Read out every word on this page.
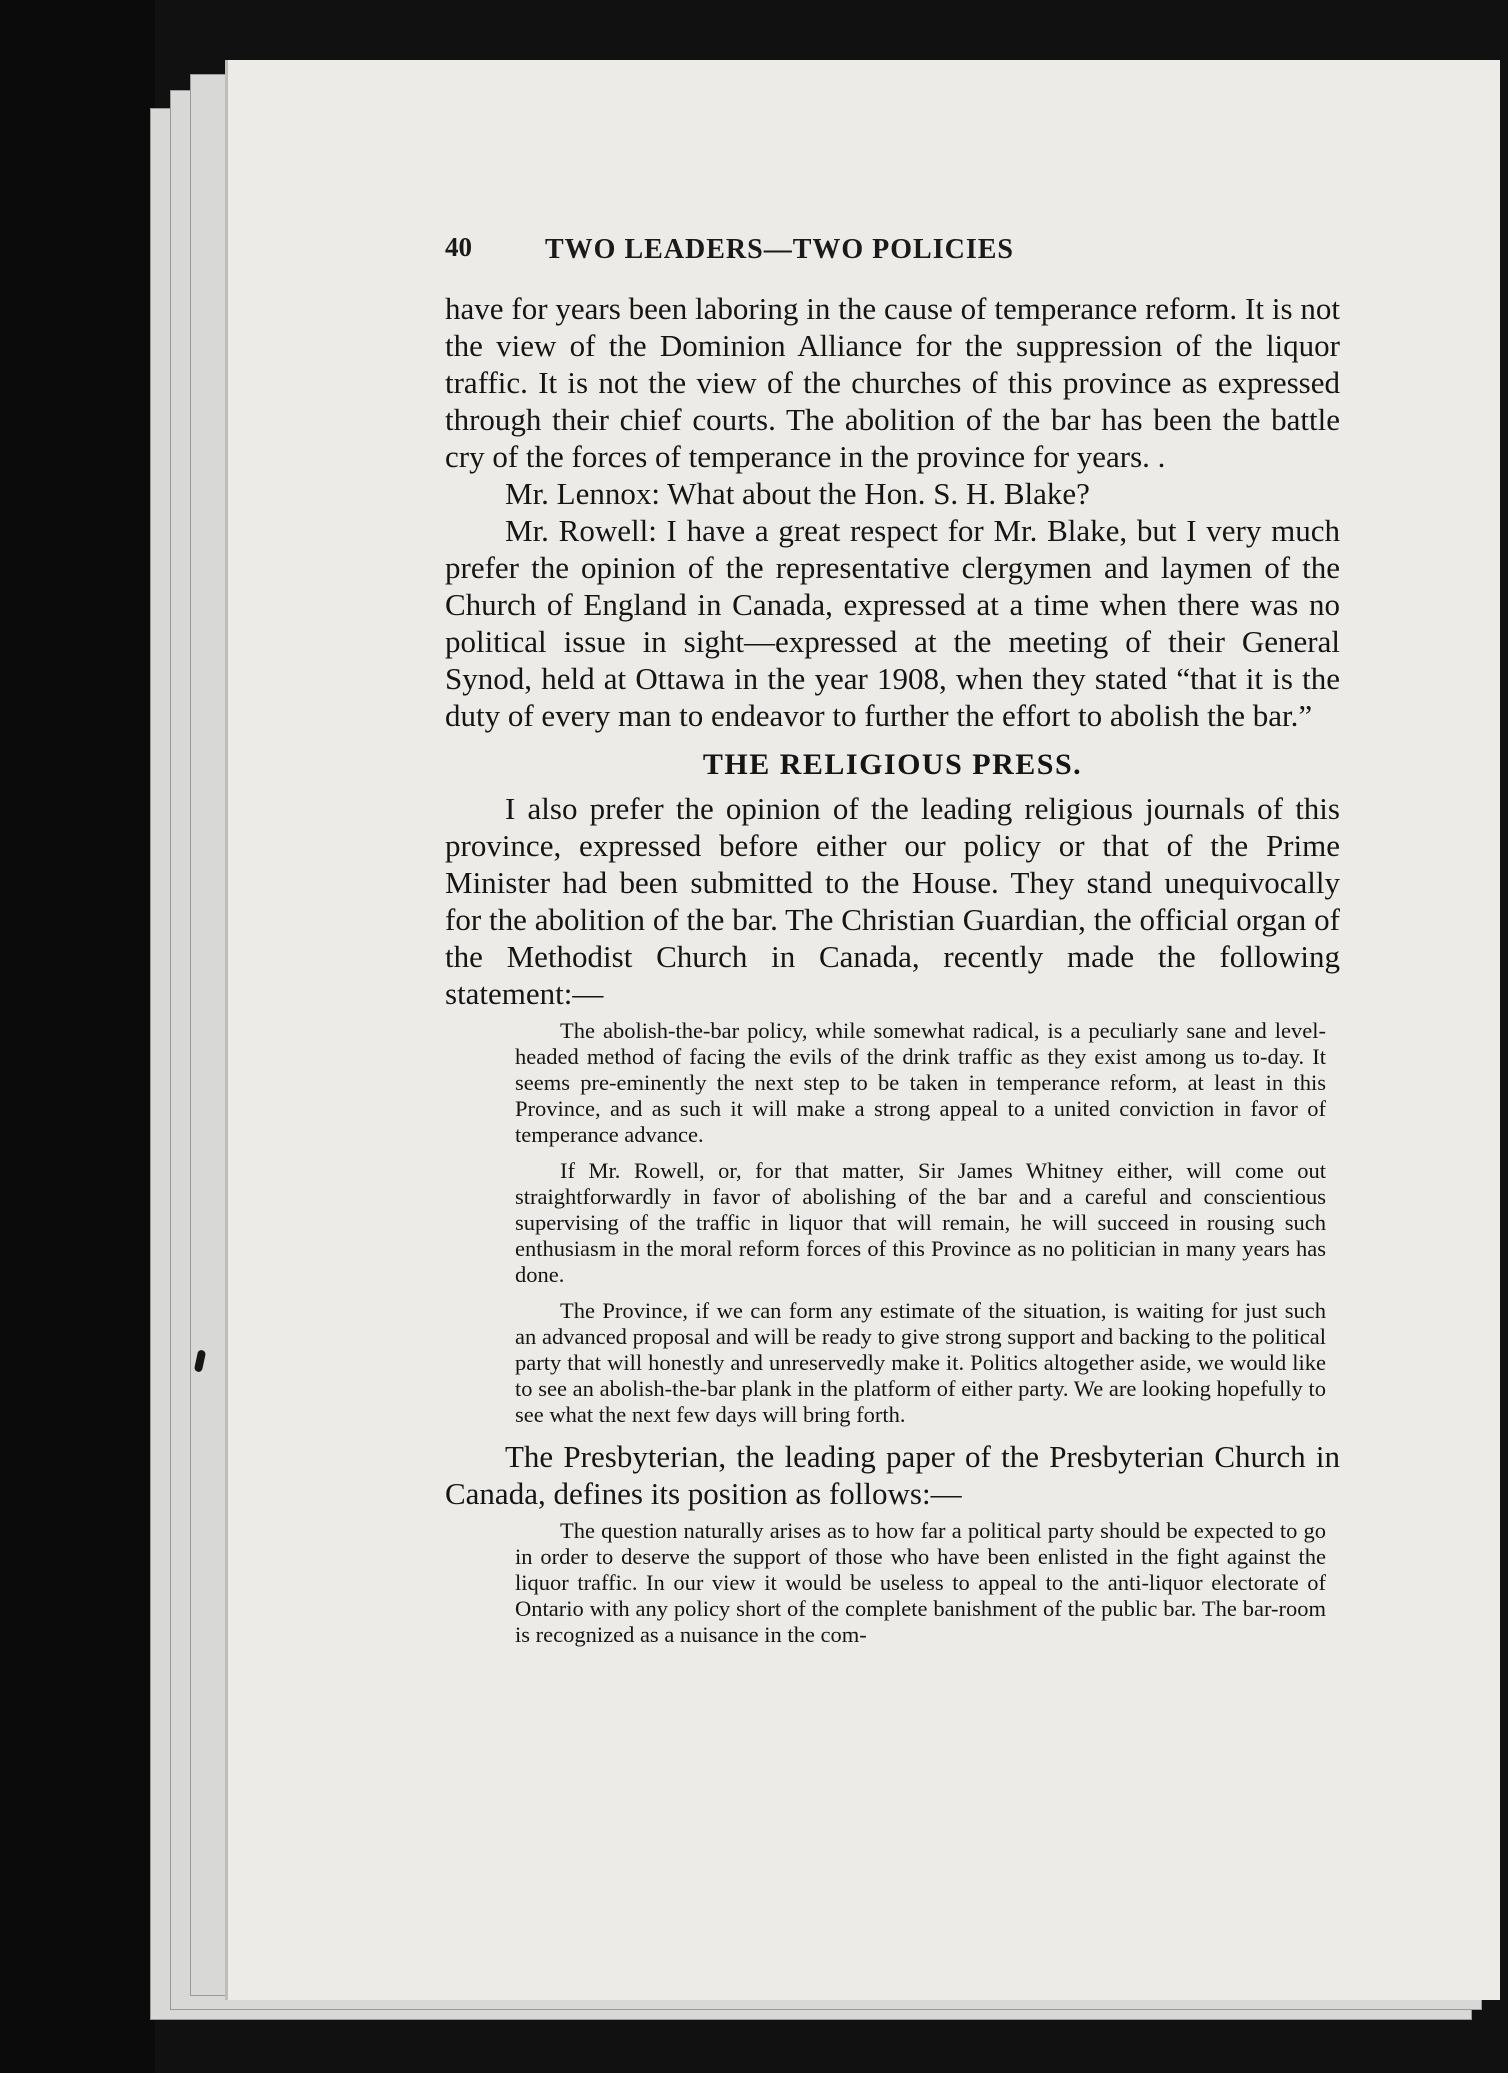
40	TWO LEADERS—TWO POLICIES

have for years been laboring in the cause of temperance reform. It is not the view of the Dominion Alliance for the suppression of the liquor traffic. It is not the view of the churches of this province as expressed through their chief courts. The abolition of the bar has been the battle cry of the forces of temperance in the province for years. .

Mr. Lennox: What about the Hon. S. H. Blake?

Mr. Rowell: I have a great respect for Mr. Blake, but I very much prefer the opinion of the representative clergymen and laymen of the Church of England in Canada, expressed at a time when there was no political issue in sight—expressed at the meeting of their General Synod, held at Ottawa in the year 1908, when they stated “that it is the duty of every man to endeavor to further the effort to abolish the bar.”

THE RELIGIOUS PRESS.

I also prefer the opinion of the leading religious journals of this province, expressed before either our policy or that of the Prime Minister had been submitted to the House. They stand unequivocally for the abolition of the bar. The Christian Guardian, the official organ of the Methodist Church in Canada, recently made the following statement:—

The abolish-the-bar policy, while somewhat radical, is a peculiarly sane and level-headed method of facing the evils of the drink traffic as they exist among us to-day. It seems pre-eminently the next step to be taken in temperance reform, at least in this Province, and as such it will make a strong appeal to a united conviction in favor of temperance advance.

If Mr. Rowell, or, for that matter, Sir James Whitney either, will come out straightforwardly in favor of abolishing of the bar and a careful and conscientious supervising of the traffic in liquor that will remain, he will succeed in rousing such enthusiasm in the moral reform forces of this Province as no politician in many years has done.

The Province, if we can form any estimate of the situation, is waiting for just such an advanced proposal and will be ready to give strong support and backing to the political party that will honestly and unreservedly make it. Politics altogether aside, we would like to see an abolish-the-bar plank in the platform of either party. We are looking hopefully to see what the next few days will bring forth.

The Presbyterian, the leading paper of the Presbyterian Church in Canada, defines its position as follows:—

The question naturally arises as to how far a political party should be expected to go in order to deserve the support of those who have been enlisted in the fight against the liquor traffic. In our view it would be useless to appeal to the anti-liquor electorate of Ontario with any policy short of the complete banishment of the public bar. The bar-room is recognized as a nuisance in the com-
